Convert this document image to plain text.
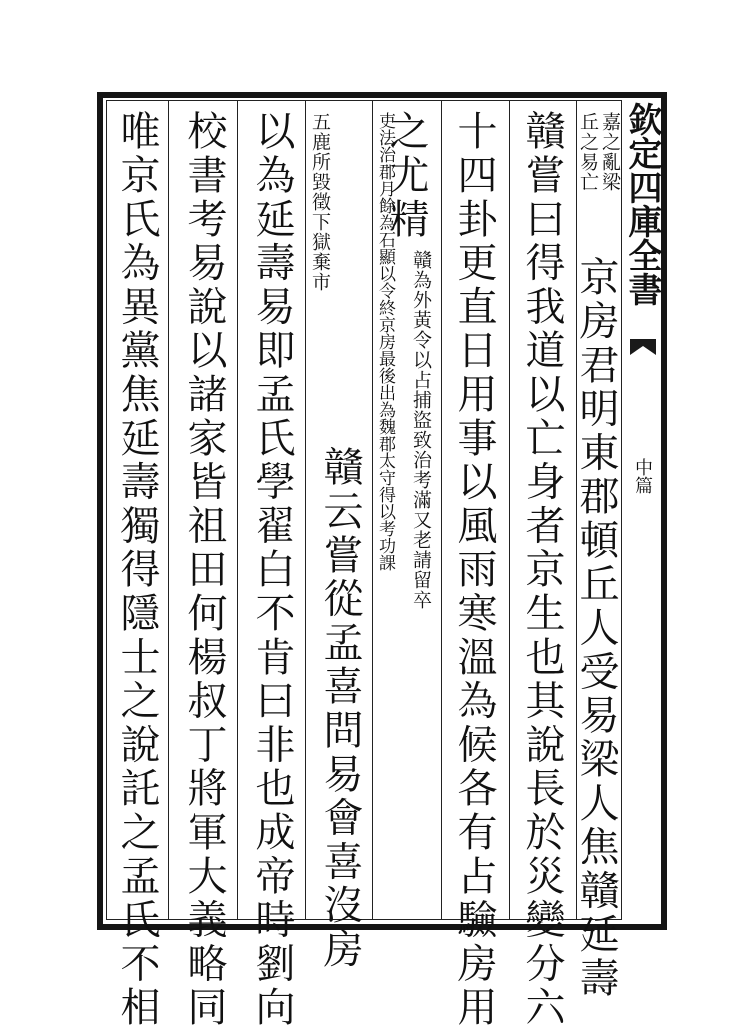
欽定四庫全書
中篇
嘉之亂梁
丘之易亡
京房君明東郡頓丘人受易梁人焦贛延壽
贛嘗曰得我道以亡身者京生也其說長於災變分六
十四卦更直日用事以風雨寒溫為候各有占驗房用
之尤精
贛為外黃令以占捕盜致治考滿又老請留卒
吏法治郡月餘為石顯以令終京房最後出為魏郡太守得以考功課
贛云嘗從孟喜問易會喜沒房
五鹿所毀徵下獄棄市
以為延壽易即孟氏學翟白不肯曰非也成帝時劉向
校書考易說以諸家皆祖田何楊叔丁將軍大義略同
唯京氏為異黨焦延壽獨得隱士之說託之孟氏不相
